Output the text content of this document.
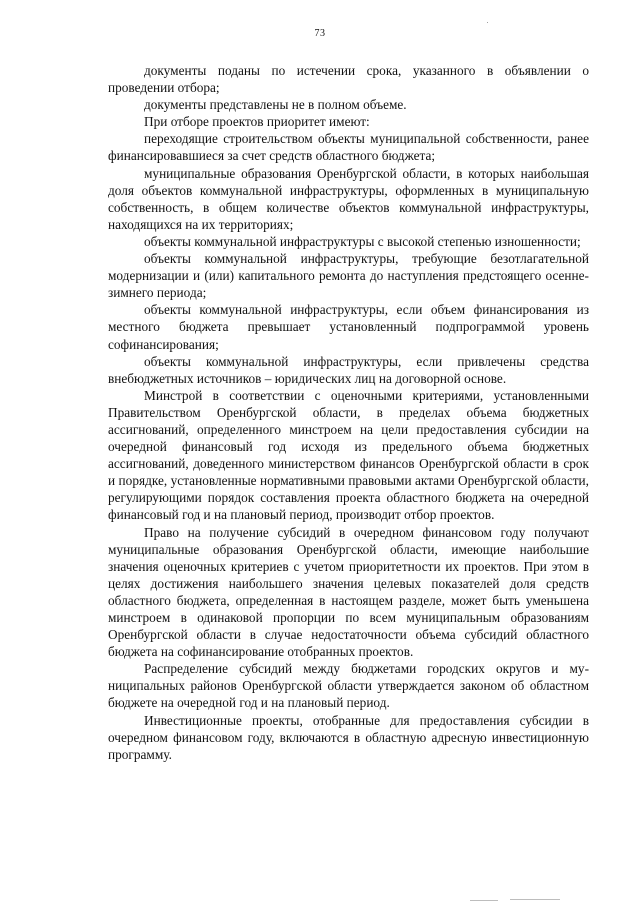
73

документы поданы по истечении срока, указанного в объявлении о проведении отбора;

документы представлены не в полном объеме.

При отборе проектов приоритет имеют:

переходящие строительством объекты муниципальной собственности, ранее финансировавшиеся за счет средств областного бюджета;

муниципальные образования Оренбургской области, в которых наибольшая доля объектов коммунальной инфраструктуры, оформленных в муниципальную собственность, в общем количестве объектов коммунальной инфраструктуры, находящихся на их территориях;

объекты коммунальной инфраструктуры с высокой степенью изношенности;

объекты коммунальной инфраструктуры, требующие безотлагательной модернизации и (или) капитального ремонта до наступления предстоящего осенне-зимнего периода;

объекты коммунальной инфраструктуры, если объем финансирования из местного бюджета превышает установленный подпрограммой уровень софинансирования;

объекты коммунальной инфраструктуры, если привлечены средства внебюджетных источников – юридических лиц на договорной основе.

Минстрой в соответствии с оценочными критериями, установленными Правительством Оренбургской области, в пределах объема бюджетных ассигнований, определенного минстроем на цели предоставления субсидии на очередной финансовый год исходя из предельного объема бюджетных ассигнований, доведенного министерством финансов Оренбургской области в срок и порядке, установленные нормативными правовыми актами Оренбургской области, регулирующими порядок составления проекта областного бюджета на очередной финансовый год и на плановый период, производит отбор проектов.

Право на получение субсидий в очередном финансовом году получают муниципальные образования Оренбургской области, имеющие наибольшие значения оценочных критериев с учетом приоритетности их проектов. При этом в целях достижения наибольшего значения целевых показателей доля средств областного бюджета, определенная в настоящем разделе, может быть уменьшена минстроем в одинаковой пропорции по всем муниципальным образованиям Оренбургской области в случае недостаточности объема субсидий областного бюджета на софинансирование отобранных проектов.

Распределение субсидий между бюджетами городских округов и муниципальных районов Оренбургской области утверждается законом об областном бюджете на очередной год и на плановый период.

Инвестиционные проекты, отобранные для предоставления субсидии в очередном финансовом году, включаются в областную адресную инвестиционную программу.
